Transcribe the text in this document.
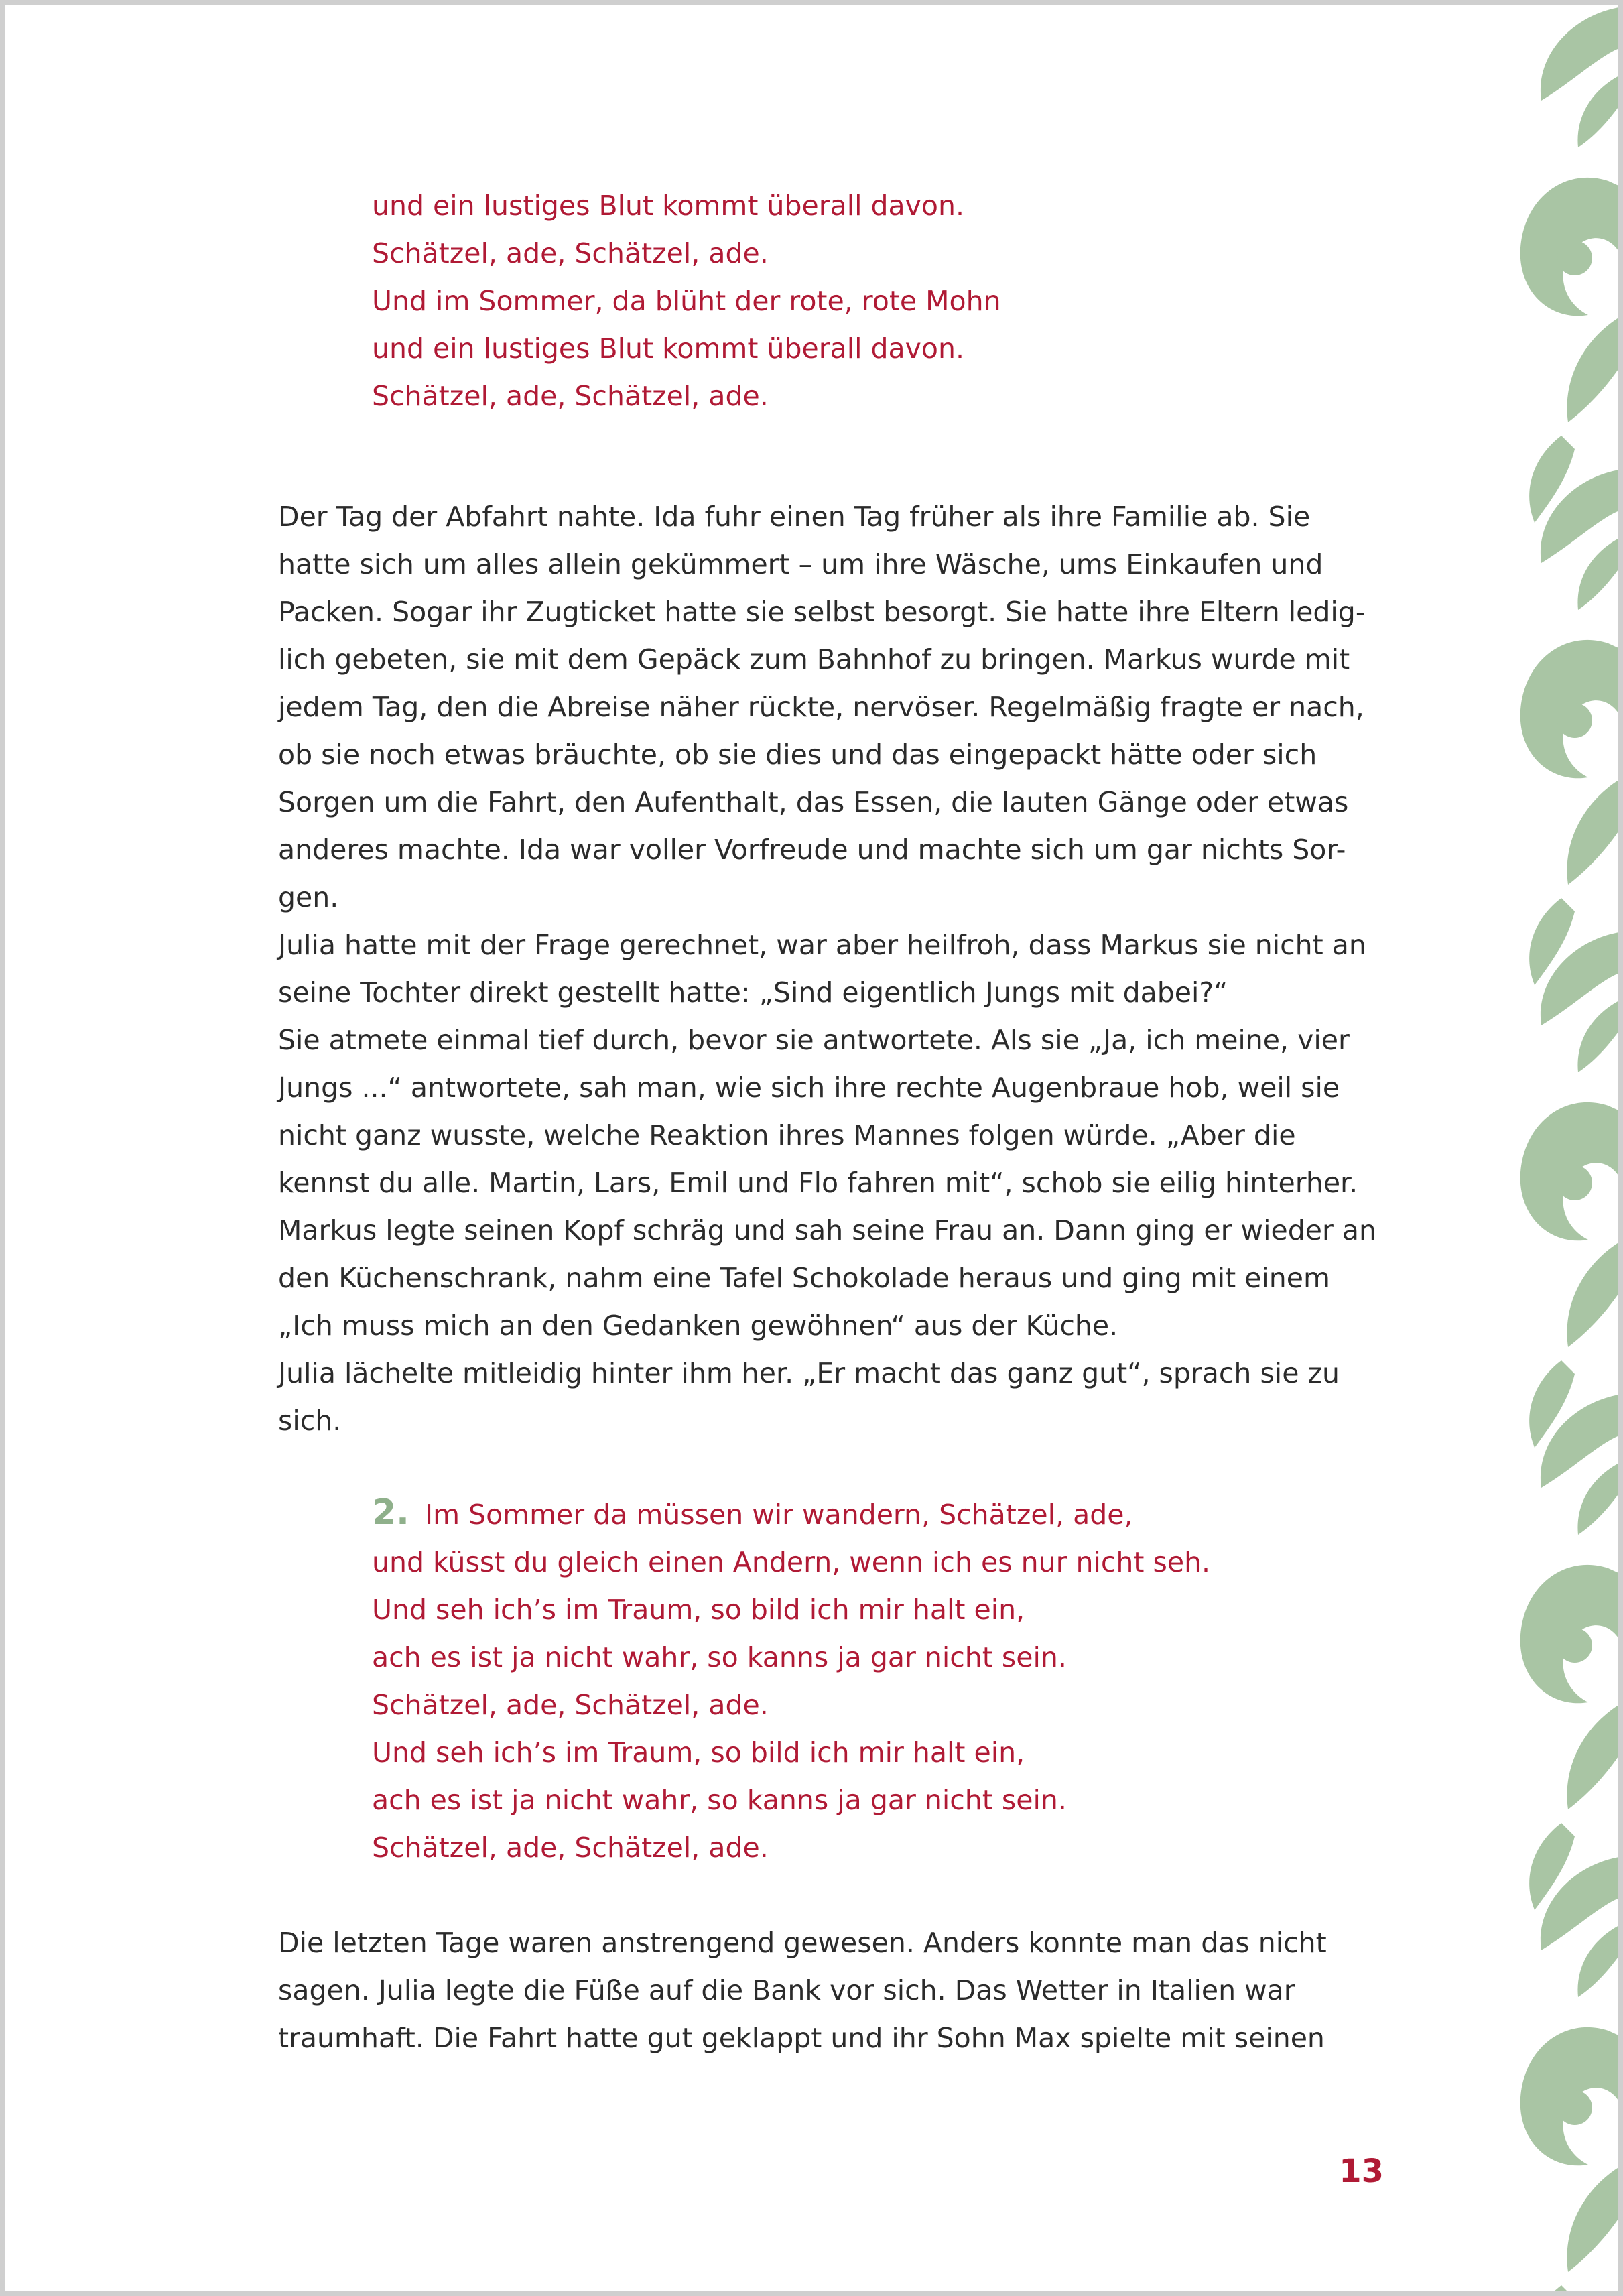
und ein lustiges Blut kommt überall davon.
Schätzel, ade, Schätzel, ade.
Und im Sommer, da blüht der rote, rote Mohn
und ein lustiges Blut kommt überall davon.
Schätzel, ade, Schätzel, ade.
Der Tag der Abfahrt nahte. Ida fuhr einen Tag früher als ihre Familie ab. Sie
hatte sich um alles allein gekümmert – um ihre Wäsche, ums Einkaufen und
Packen. Sogar ihr Zugticket hatte sie selbst besorgt. Sie hatte ihre Eltern ledig-
lich gebeten, sie mit dem Gepäck zum Bahnhof zu bringen. Markus wurde mit
jedem Tag, den die Abreise näher rückte, nervöser. Regelmäßig fragte er nach,
ob sie noch etwas bräuchte, ob sie dies und das eingepackt hätte oder sich
Sorgen um die Fahrt, den Aufenthalt, das Essen, die lauten Gänge oder etwas
anderes machte. Ida war voller Vorfreude und machte sich um gar nichts Sor-
gen.
Julia hatte mit der Frage gerechnet, war aber heilfroh, dass Markus sie nicht an
seine Tochter direkt gestellt hatte: „Sind eigentlich Jungs mit dabei?“
Sie atmete einmal tief durch, bevor sie antwortete. Als sie „Ja, ich meine, vier
Jungs ...“ antwortete, sah man, wie sich ihre rechte Augenbraue hob, weil sie
nicht ganz wusste, welche Reaktion ihres Mannes folgen würde. „Aber die
kennst du alle. Martin, Lars, Emil und Flo fahren mit“, schob sie eilig hinterher.
Markus legte seinen Kopf schräg und sah seine Frau an. Dann ging er wieder an
den Küchenschrank, nahm eine Tafel Schokolade heraus und ging mit einem
„Ich muss mich an den Gedanken gewöhnen“ aus der Küche.
Julia lächelte mitleidig hinter ihm her. „Er macht das ganz gut“, sprach sie zu
sich.
2. Im Sommer da müssen wir wandern, Schätzel, ade,
und küsst du gleich einen Andern, wenn ich es nur nicht seh.
Und seh ich’s im Traum, so bild ich mir halt ein,
ach es ist ja nicht wahr, so kanns ja gar nicht sein.
Schätzel, ade, Schätzel, ade.
Und seh ich’s im Traum, so bild ich mir halt ein,
ach es ist ja nicht wahr, so kanns ja gar nicht sein.
Schätzel, ade, Schätzel, ade.
Die letzten Tage waren anstrengend gewesen. Anders konnte man das nicht
sagen. Julia legte die Füße auf die Bank vor sich. Das Wetter in Italien war
traumhaft. Die Fahrt hatte gut geklappt und ihr Sohn Max spielte mit seinen
13
